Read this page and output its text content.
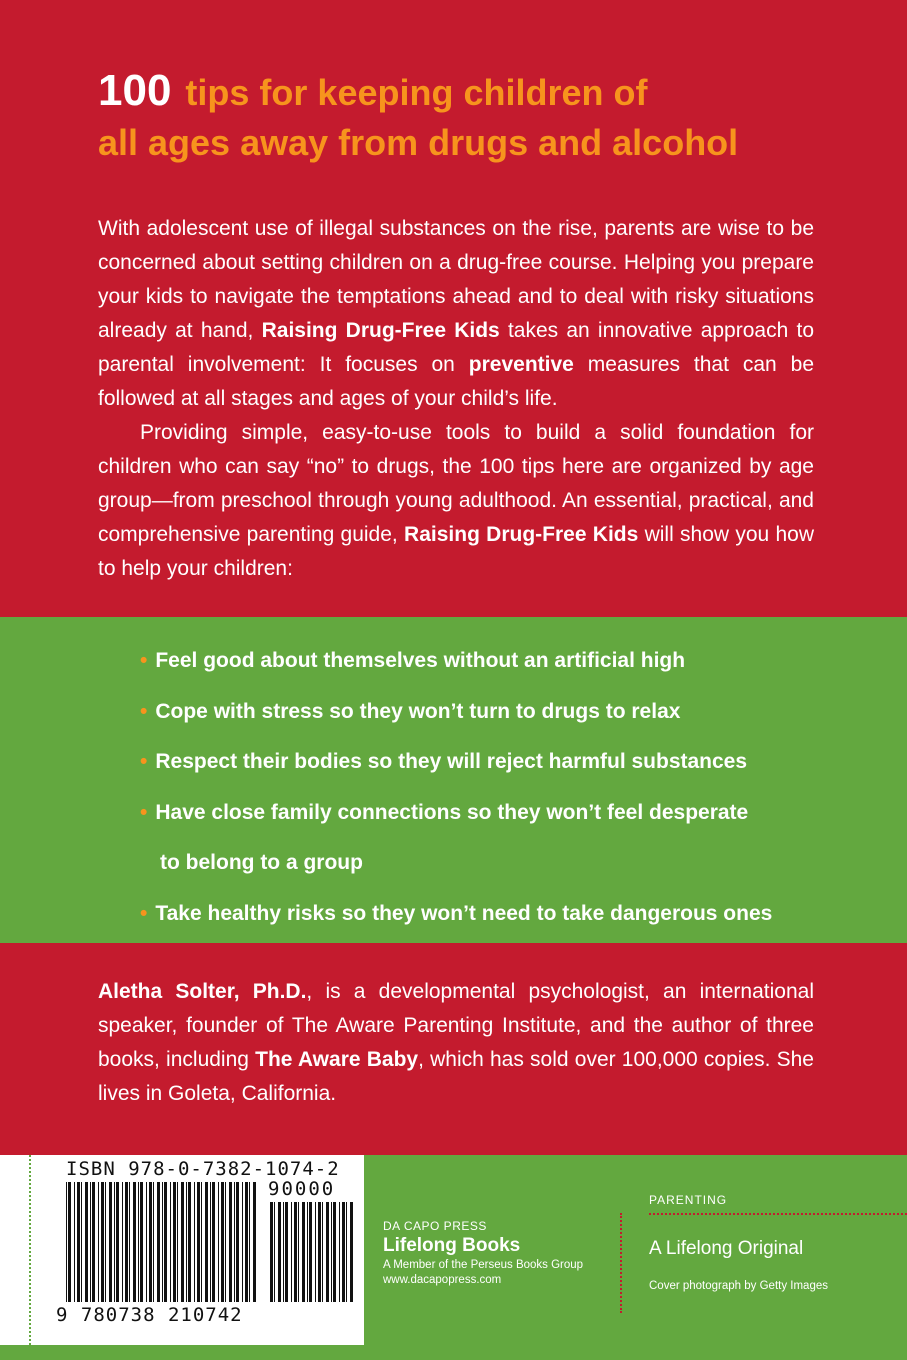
100 tips for keeping children of
all ages away from drugs and alcohol

With adolescent use of illegal substances on the rise, parents are wise to be concerned about setting children on a drug-free course. Helping you prepare your kids to navigate the temptations ahead and to deal with risky situations already at hand, Raising Drug-Free Kids takes an innovative approach to parental involvement: It focuses on preventive measures that can be followed at all stages and ages of your child’s life.

Providing simple, easy-to-use tools to build a solid foundation for children who can say “no” to drugs, the 100 tips here are organized by age group—from preschool through young adulthood. An essential, practical, and comprehensive parenting guide, Raising Drug-Free Kids will show you how to help your children:

• Feel good about themselves without an artificial high
• Cope with stress so they won’t turn to drugs to relax
• Respect their bodies so they will reject harmful substances
• Have close family connections so they won’t feel desperate
to belong to a group
• Take healthy risks so they won’t need to take dangerous ones

Aletha Solter, Ph.D., is a developmental psychologist, an international speaker, founder of The Aware Parenting Institute, and the author of three books, including The Aware Baby, which has sold over 100,000 copies. She lives in Goleta, California.

ISBN 978-0-7382-1074-2
90000
9 780738 210742
DA CAPO PRESS
Lifelong Books
A Member of the Perseus Books Group
www.dacapopress.com
PARENTING
A Lifelong Original
Cover photograph by Getty Images
